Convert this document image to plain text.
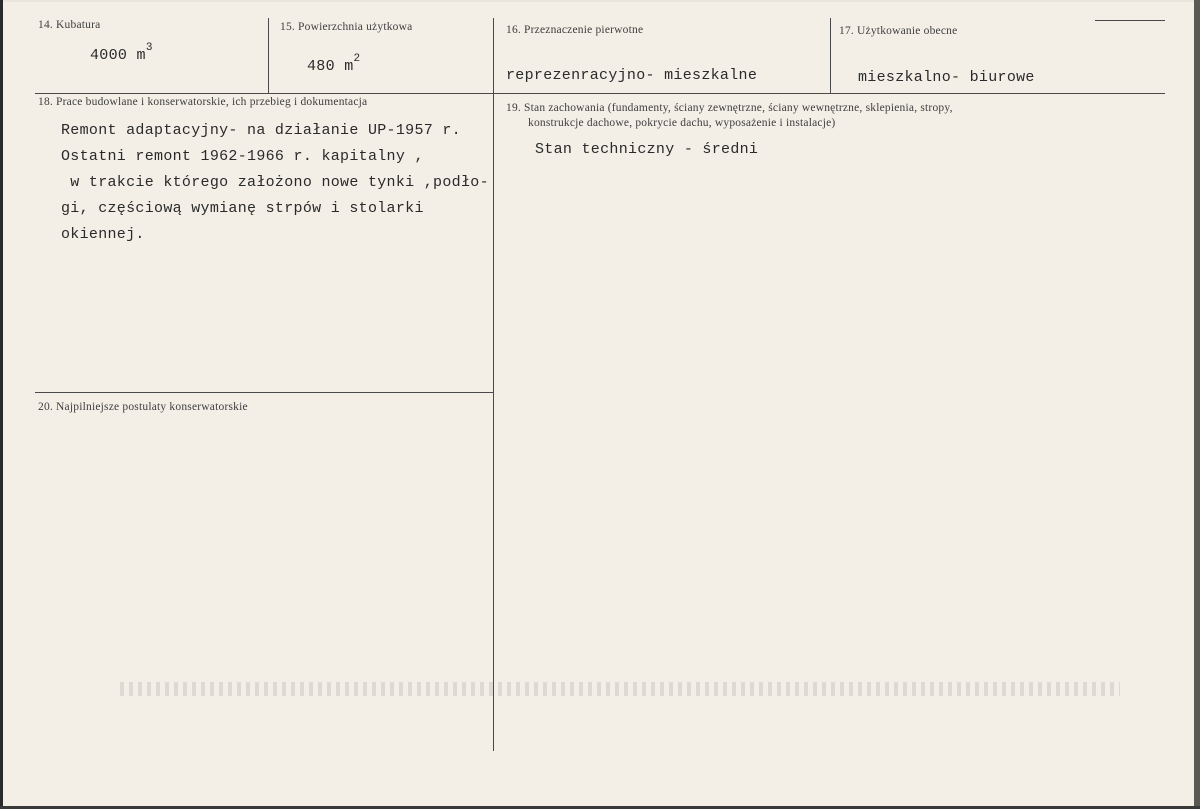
14. Kubatura
4000 $m^3$
15. Powierzchnia użytkowa
480 $m^2$
16. Przeznaczenie pierwotne
reprezenracyjno- mieszkalne
17. Użytkowanie obecne
mieszkalno- biurowe
18. Prace budowlane i konserwatorskie, ich przebieg i dokumentacja
Remont adaptacyjny- na działanie UP-1957 r.
Ostatni remont 1962-1966 r. kapitalny ,
w trakcie którego założono nowe tynki ,podło-
gi, częściową wymianę strpów i stolarki
okiennej.
19. Stan zachowania (fundamenty, ściany zewnętrzne, ściany wewnętrzne, sklepienia, stropy,
konstrukcje dachowe, pokrycie dachu, wyposażenie i instalacje)
Stan techniczny - średni
20. Najpilniejsze postulaty konserwatorskie
